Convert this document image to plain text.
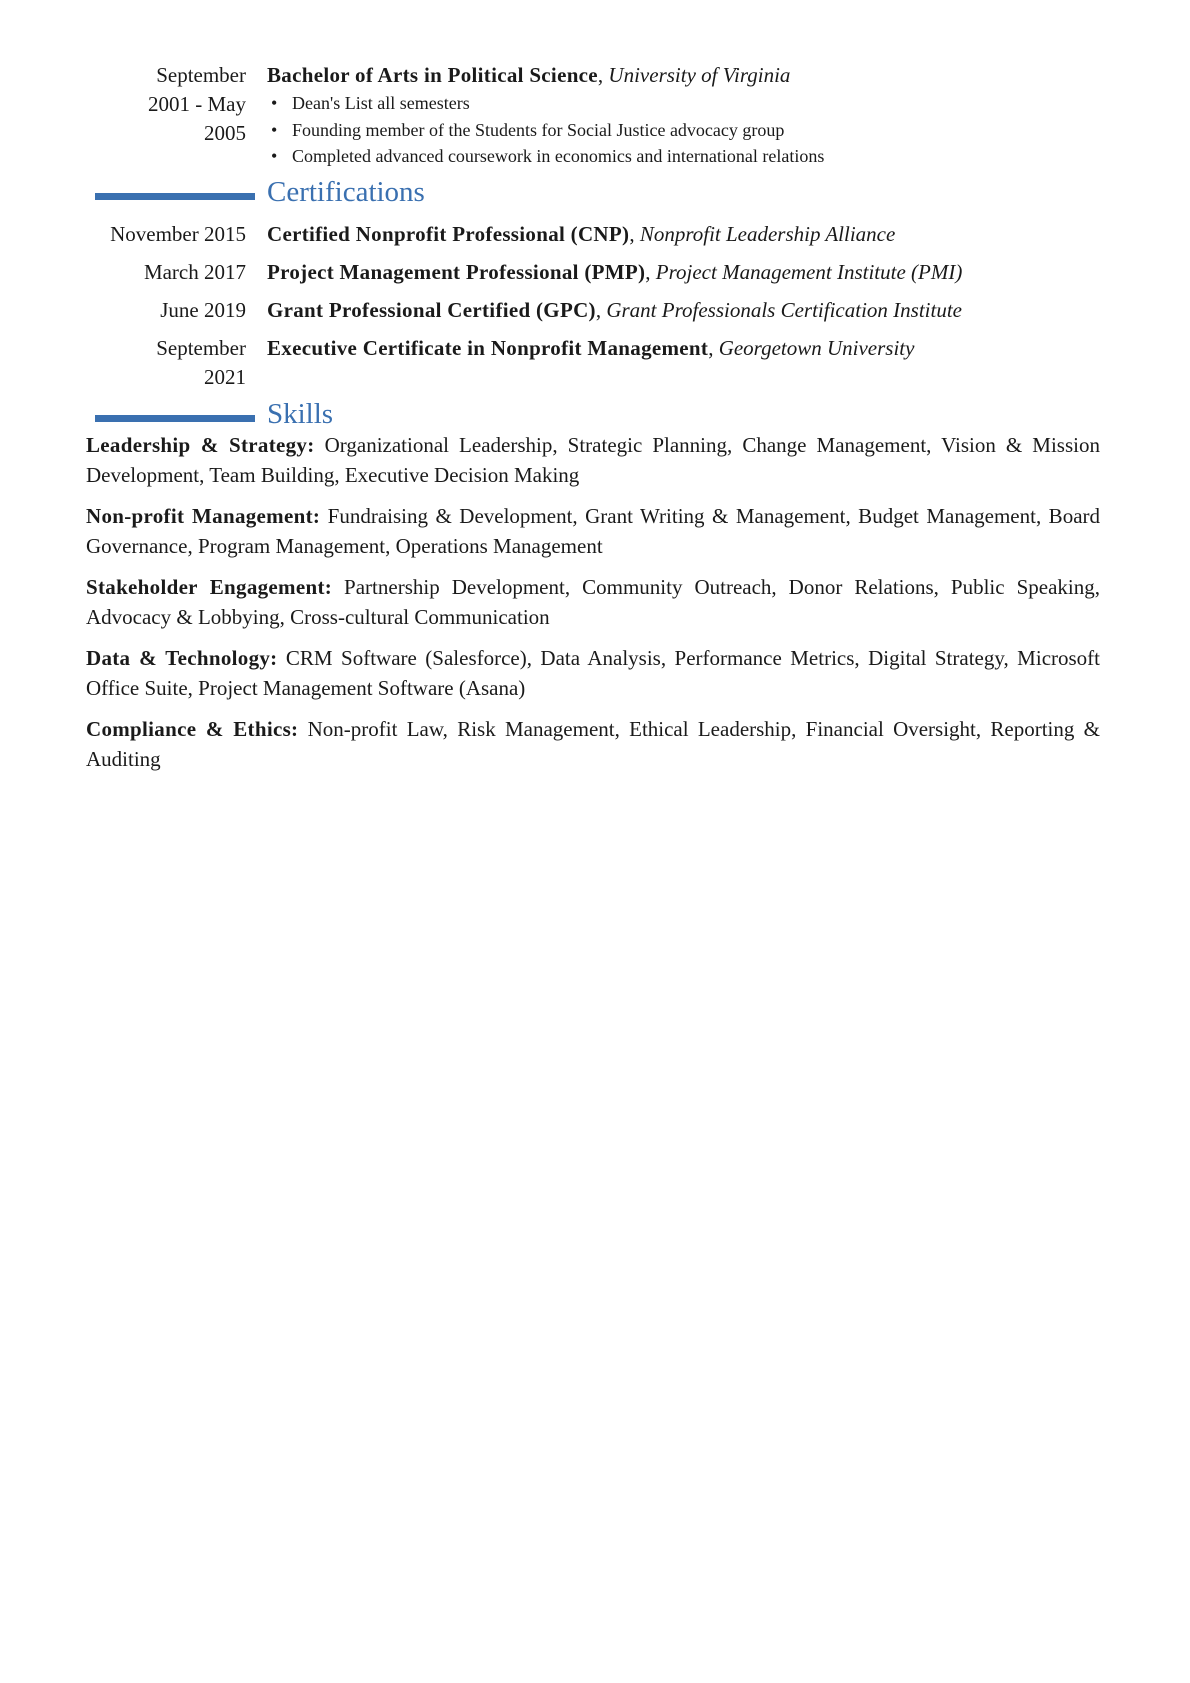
September
2001 - May
2005
Bachelor of Arts in Political Science, University of Virginia
• Dean's List all semesters
• Founding member of the Students for Social Justice advocacy group
• Completed advanced coursework in economics and international relations
Certifications
November 2015 Certified Nonprofit Professional (CNP), Nonprofit Leadership Alliance
March 2017 Project Management Professional (PMP), Project Management Institute (PMI)
June 2019 Grant Professional Certified (GPC), Grant Professionals Certification Institute
September
2021
Executive Certificate in Nonprofit Management, Georgetown University
Skills
Leadership & Strategy: Organizational Leadership, Strategic Planning, Change Management, Vision & Mission Development, Team Building, Executive Decision Making
Non-profit Management: Fundraising & Development, Grant Writing & Management, Budget Management, Board Governance, Program Management, Operations Management
Stakeholder Engagement: Partnership Development, Community Outreach, Donor Relations, Public Speaking, Advocacy & Lobbying, Cross-cultural Communication
Data & Technology: CRM Software (Salesforce), Data Analysis, Performance Metrics, Digital Strategy, Microsoft Office Suite, Project Management Software (Asana)
Compliance & Ethics: Non-profit Law, Risk Management, Ethical Leadership, Financial Oversight, Reporting & Auditing
